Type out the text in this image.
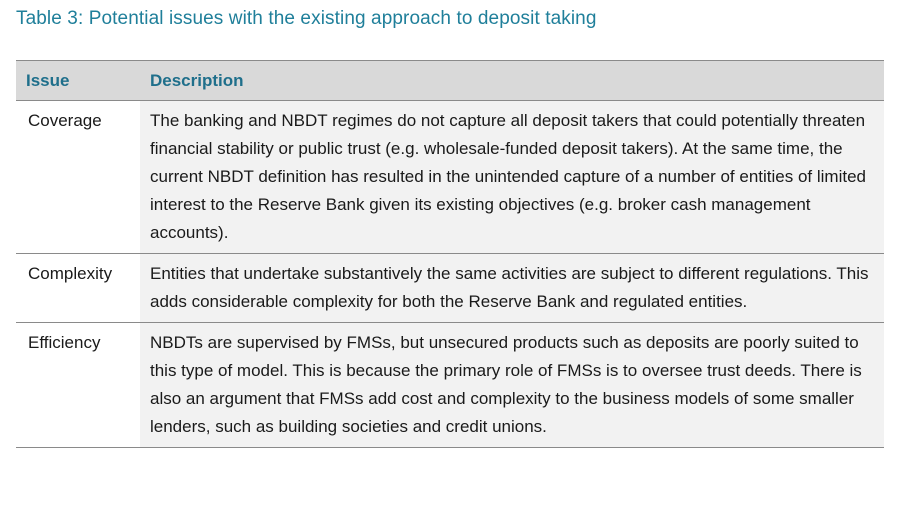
Table 3: Potential issues with the existing approach to deposit taking
Issue	Description
Coverage	The banking and NBDT regimes do not capture all deposit takers that could potentially threaten financial stability or public trust (e.g. wholesale-funded deposit takers). At the same time, the current NBDT definition has resulted in the unintended capture of a number of entities of limited interest to the Reserve Bank given its existing objectives (e.g. broker cash management accounts).
Complexity	Entities that undertake substantively the same activities are subject to different regulations. This adds considerable complexity for both the Reserve Bank and regulated entities.
Efficiency	NBDTs are supervised by FMSs, but unsecured products such as deposits are poorly suited to this type of model. This is because the primary role of FMSs is to oversee trust deeds. There is also an argument that FMSs add cost and complexity to the business models of some smaller lenders, such as building societies and credit unions.
